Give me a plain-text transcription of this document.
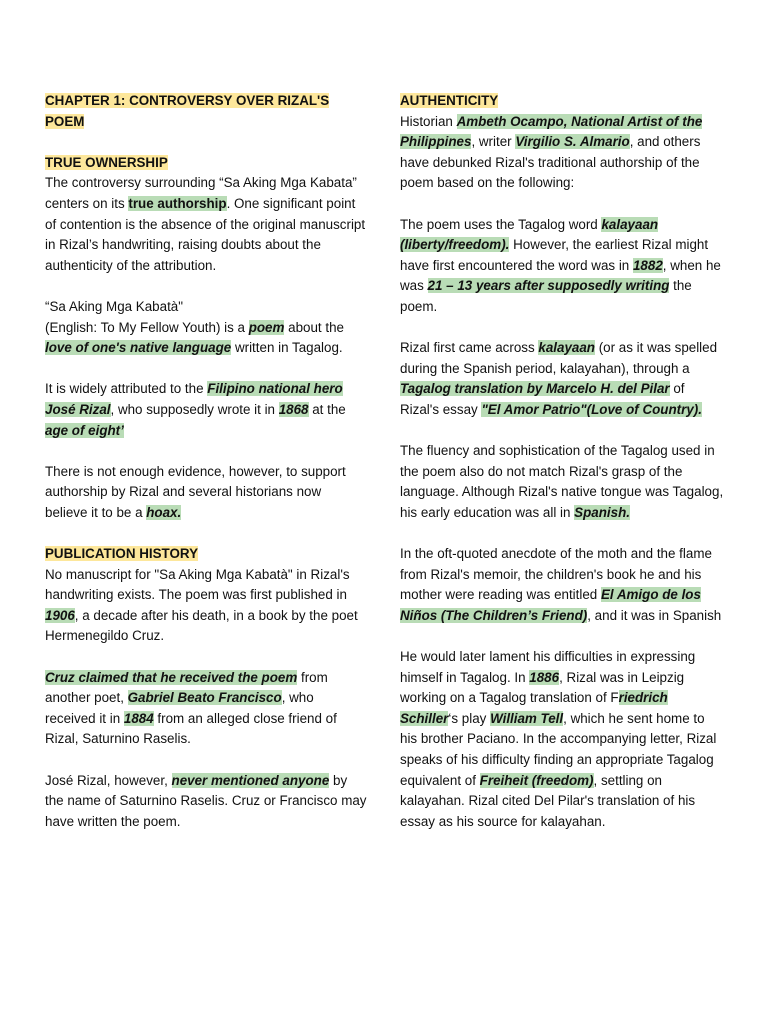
CHAPTER 1: CONTROVERSY OVER RIZAL'S POEM

TRUE OWNERSHIP

The controversy surrounding “Sa Aking Mga Kabata” centers on its true authorship. One significant point of contention is the absence of the original manuscript in Rizal’s handwriting, raising doubts about the authenticity of the attribution.

“Sa Aking Mga Kabatà"
(English: To My Fellow Youth) is a poem about the love of one's native language written in Tagalog.

It is widely attributed to the Filipino national hero José Rizal, who supposedly wrote it in 1868 at the age of eight’

There is not enough evidence, however, to support authorship by Rizal and several historians now believe it to be a hoax.

PUBLICATION HISTORY

No manuscript for "Sa Aking Mga Kabatà" in Rizal's handwriting exists. The poem was first published in 1906, a decade after his death, in a book by the poet Hermenegildo Cruz.

Cruz claimed that he received the poem from another poet, Gabriel Beato Francisco, who received it in 1884 from an alleged close friend of Rizal, Saturnino Raselis.

José Rizal, however, never mentioned anyone by the name of Saturnino Raselis. Cruz or Francisco may have written the poem.

AUTHENTICITY

Historian Ambeth Ocampo, National Artist of the Philippines, writer Virgilio S. Almario, and others have debunked Rizal's traditional authorship of the poem based on the following:

The poem uses the Tagalog word kalayaan (liberty/freedom). However, the earliest Rizal might have first encountered the word was in 1882, when he was 21 – 13 years after supposedly writing the poem.

Rizal first came across kalayaan (or as it was spelled during the Spanish period, kalayahan), through a Tagalog translation by Marcelo H. del Pilar of Rizal's essay "El Amor Patrio"(Love of Country).

The fluency and sophistication of the Tagalog used in the poem also do not match Rizal's grasp of the language. Although Rizal's native tongue was Tagalog, his early education was all in Spanish.

In the oft-quoted anecdote of the moth and the flame from Rizal's memoir, the children's book he and his mother were reading was entitled El Amigo de los Niños (The Children’s Friend), and it was in Spanish

He would later lament his difficulties in expressing himself in Tagalog. In 1886, Rizal was in Leipzig working on a Tagalog translation of Friedrich Schiller‘s play William Tell, which he sent home to his brother Paciano. In the accompanying letter, Rizal speaks of his difficulty finding an appropriate Tagalog equivalent of Freiheit (freedom), settling on kalayahan. Rizal cited Del Pilar's translation of his essay as his source for kalayahan.
